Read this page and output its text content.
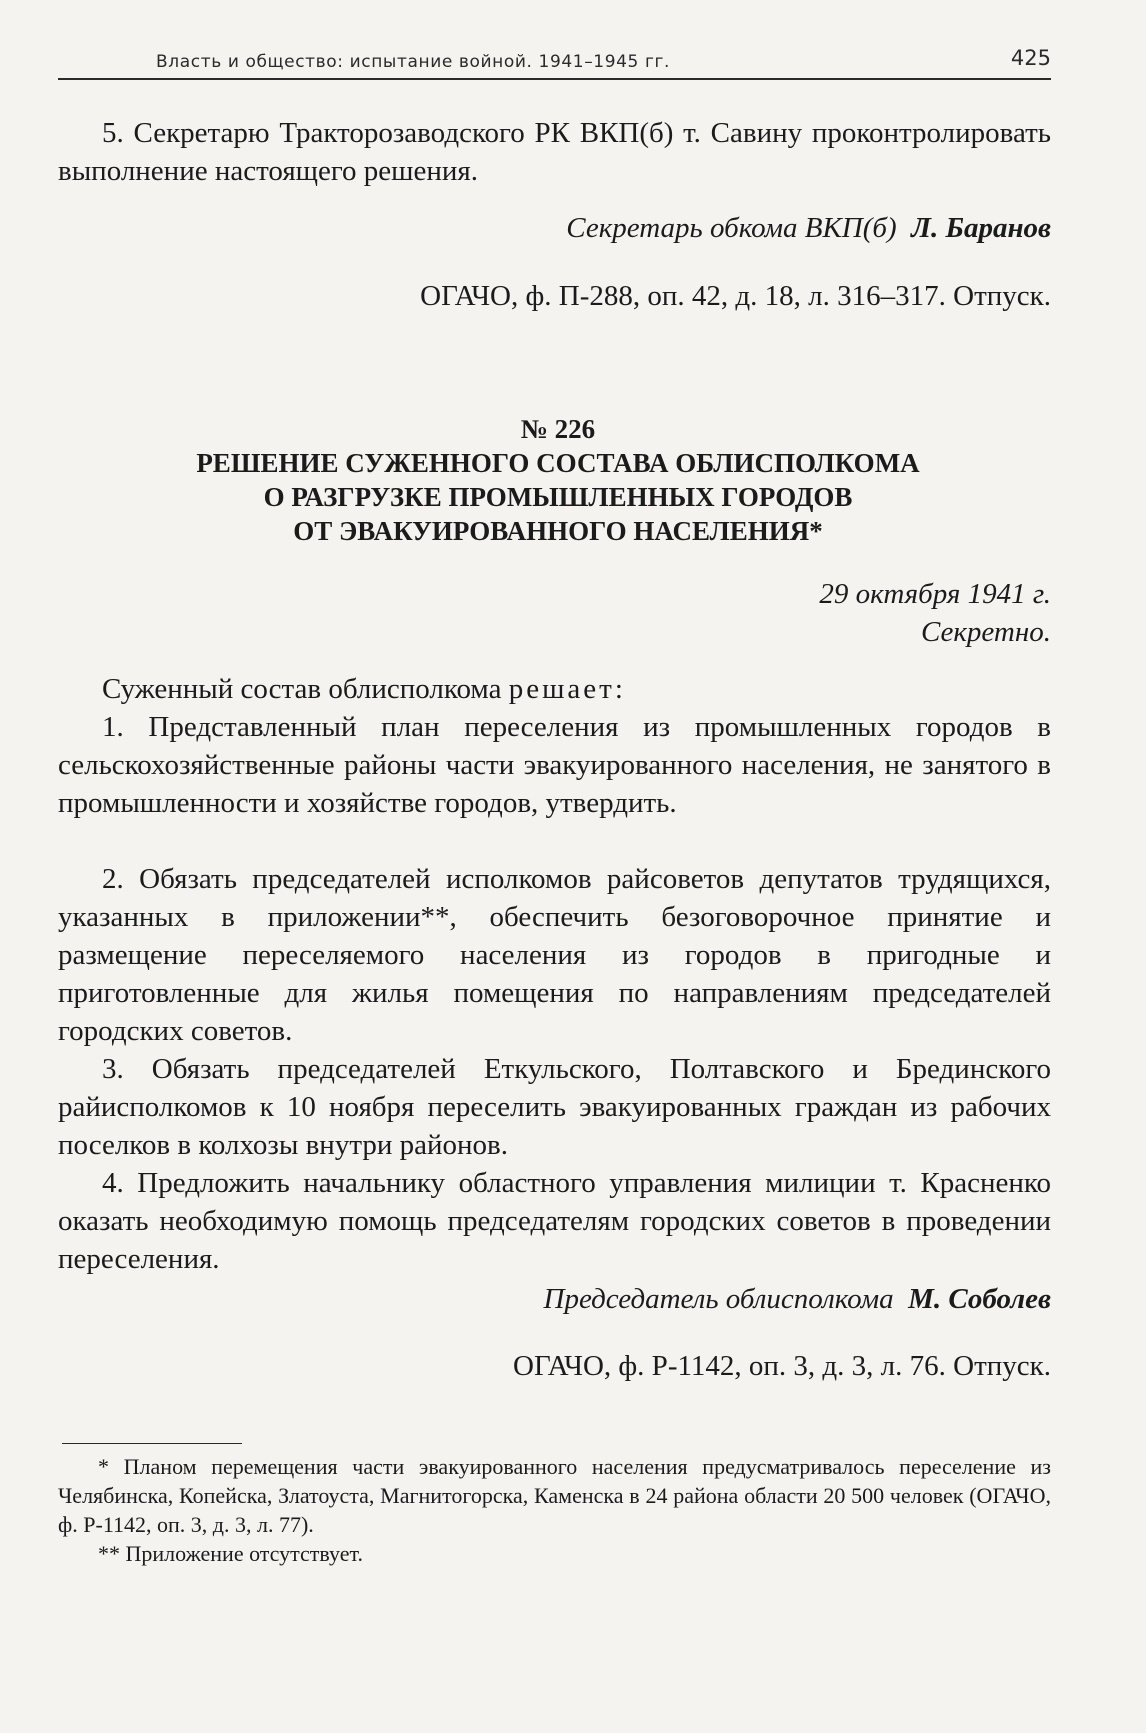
Власть и общество: испытание войной. 1941–1945 гг.	425

5. Секретарю Тракторозаводского РК ВКП(б) т. Савину проконтролировать выполнение настоящего решения.

Секретарь обкома ВКП(б) Л. Баранов

ОГАЧО, ф. П-288, оп. 42, д. 18, л. 316–317. Отпуск.

№ 226
РЕШЕНИЕ СУЖЕННОГО СОСТАВА ОБЛИСПОЛКОМА
О РАЗГРУЗКЕ ПРОМЫШЛЕННЫХ ГОРОДОВ
ОТ ЭВАКУИРОВАННОГО НАСЕЛЕНИЯ*

29 октября 1941 г.

Секретно.

Суженный состав облисполкома решает:

1. Представленный план переселения из промышленных городов в сельскохозяйственные районы части эвакуированного населения, не занятого в промышленности и хозяйстве городов, утвердить.

2. Обязать председателей исполкомов райсоветов депутатов трудящихся, указанных в приложении**, обеспечить безоговорочное принятие и размещение переселяемого населения из городов в пригодные и приготовленные для жилья помещения по направлениям председателей городских советов.

3. Обязать председателей Еткульского, Полтавского и Брединского райисполкомов к 10 ноября переселить эвакуированных граждан из рабочих поселков в колхозы внутри районов.

4. Предложить начальнику областного управления милиции т. Красненко оказать необходимую помощь председателям городских советов в проведении переселения.

Председатель облисполкома М. Соболев

ОГАЧО, ф. Р-1142, оп. 3, д. 3, л. 76. Отпуск.

* Планом перемещения части эвакуированного населения предусматривалось переселение из Челябинска, Копейска, Златоуста, Магнитогорска, Каменска в 24 района области 20 500 человек (ОГАЧО, ф. Р-1142, оп. 3, д. 3, л. 77).

** Приложение отсутствует.
